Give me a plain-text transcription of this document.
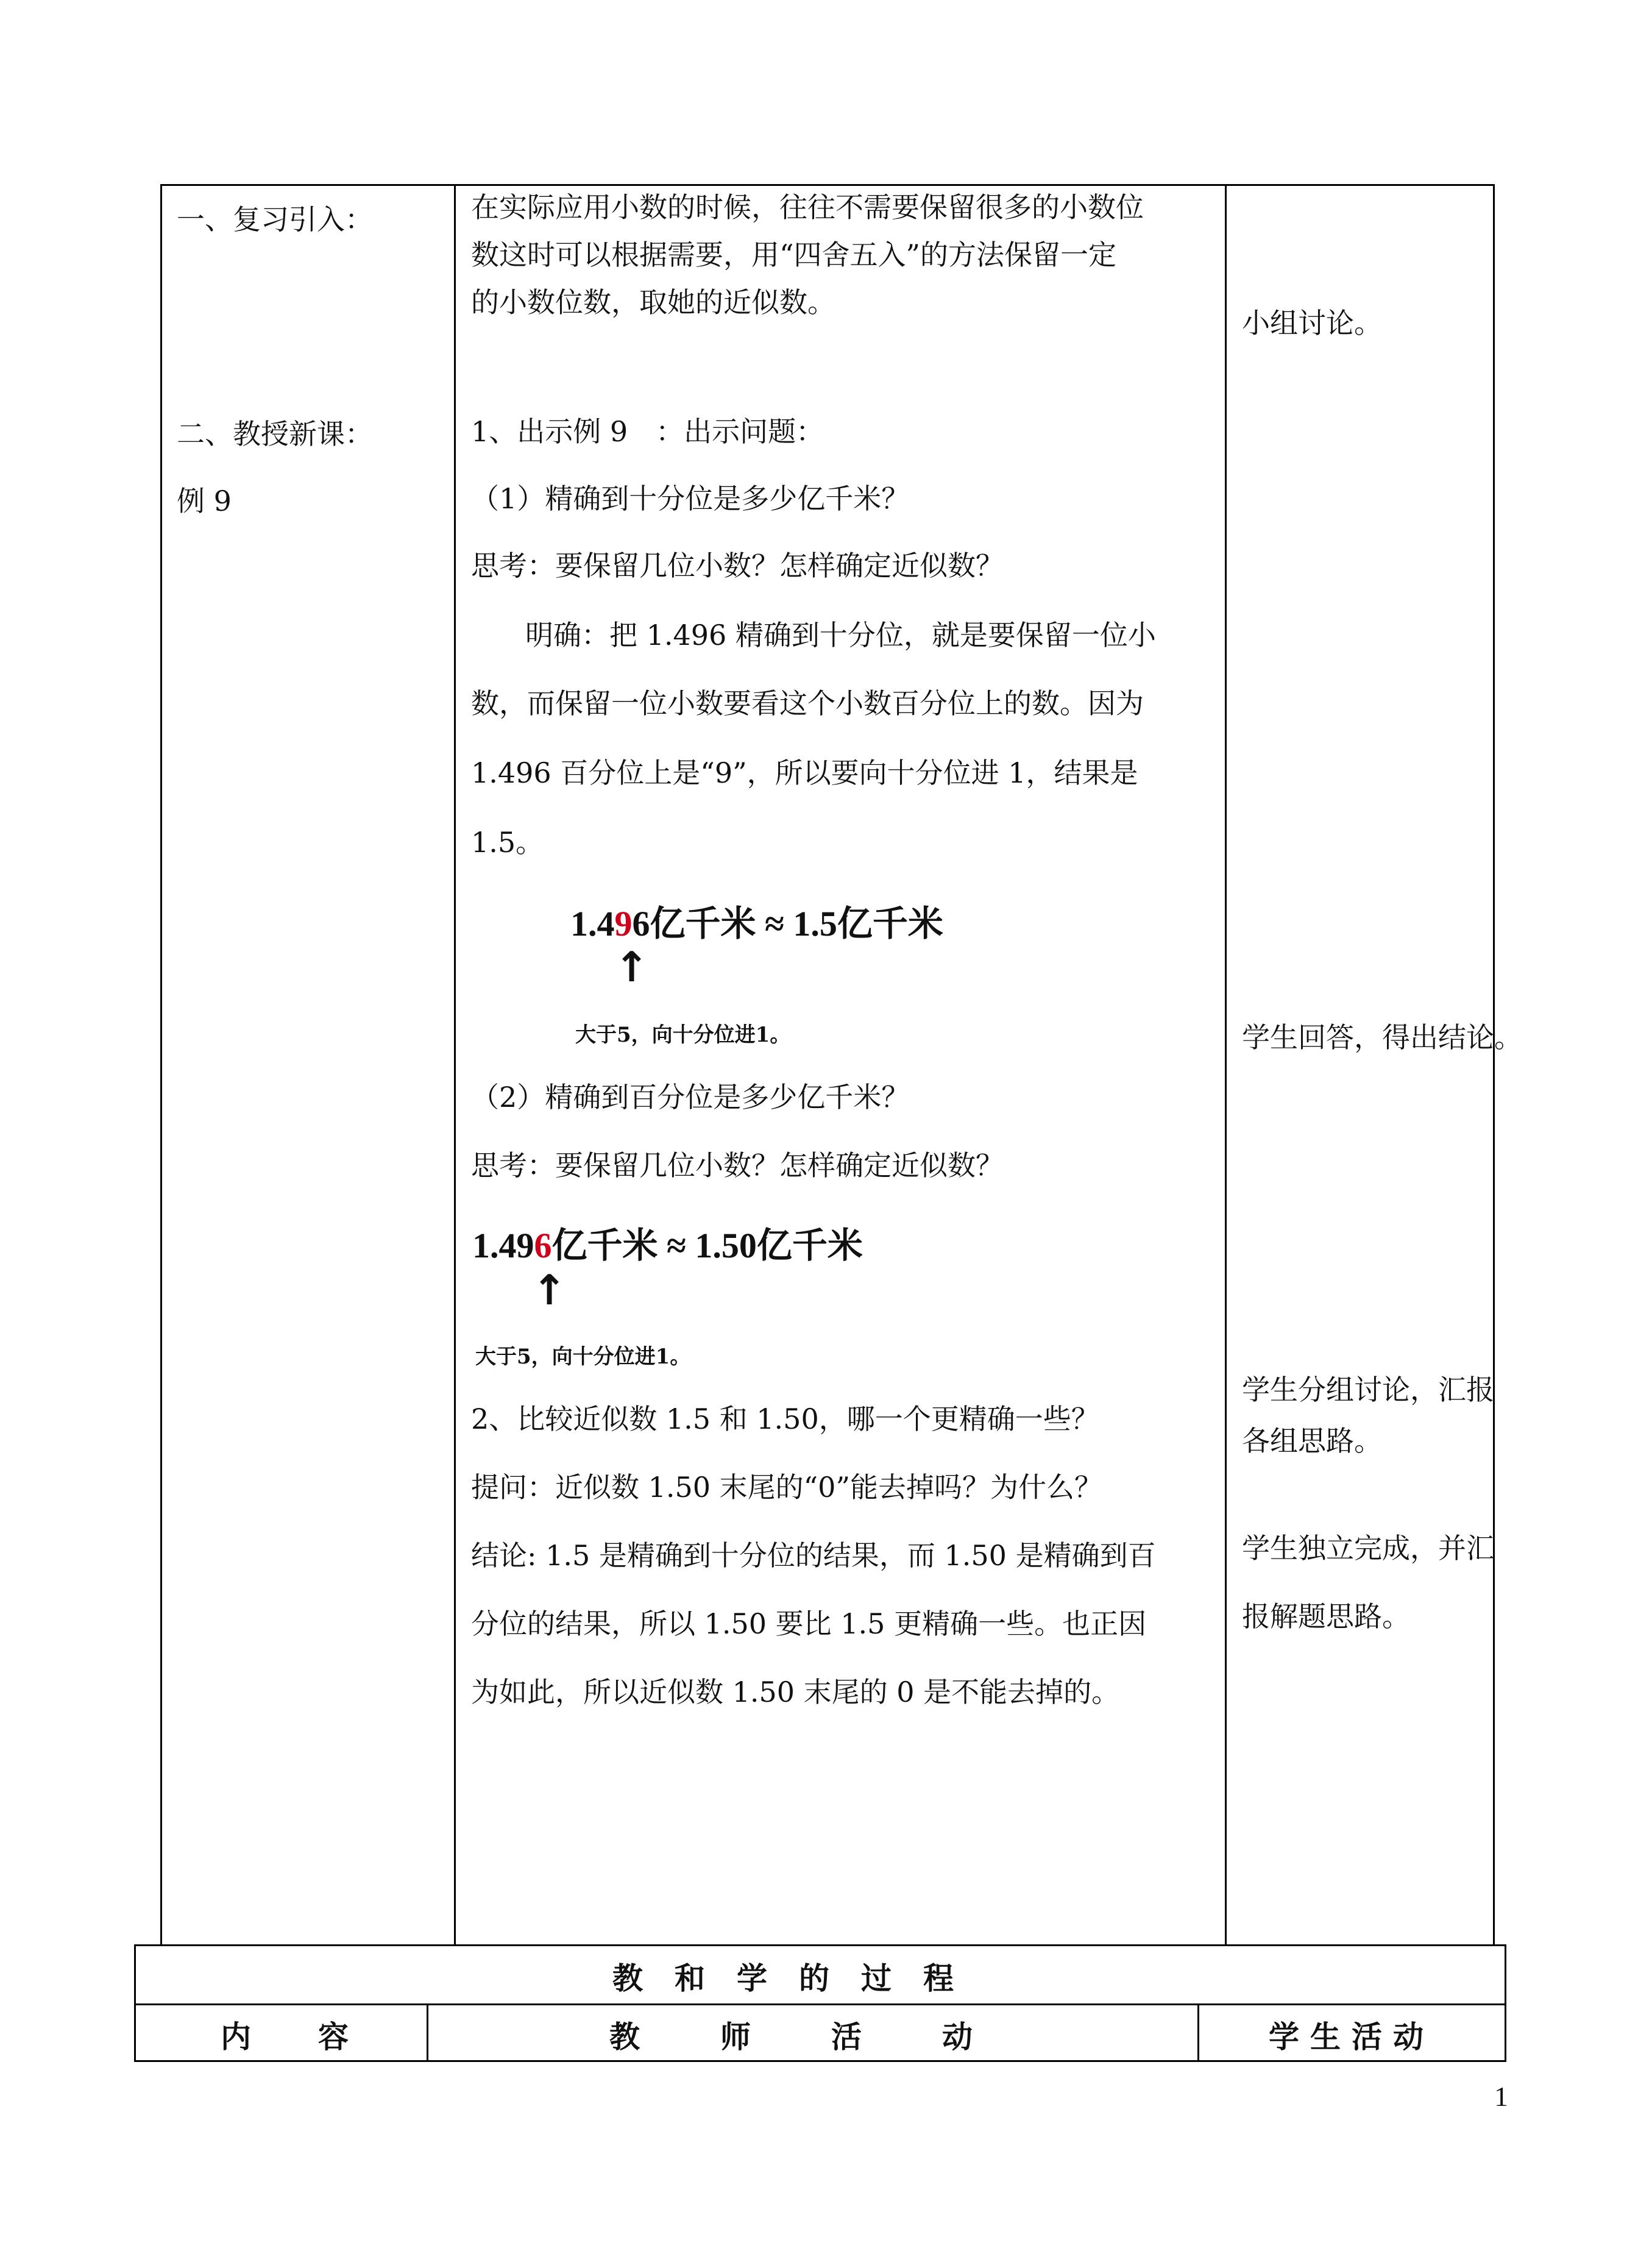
一、复习引入：
二、教授新课：
例 9
在实际应用小数的时候，往往不需要保留很多的小数位
数这时可以根据需要，用“四舍五入”的方法保留一定
的小数位数，取她的近似数。
1、出示例 9　：出示问题：
（1）精确到十分位是多少亿千米？
思考：要保留几位小数？怎样确定近似数？
明确：把 1.496 精确到十分位，就是要保留一位小
数，而保留一位小数要看这个小数百分位上的数。因为
1.496 百分位上是“9”，所以要向十分位进 1，结果是
1.5。
1.496亿千米 ≈ 1.5亿千米
↑
大于5，向十分位进1。
（2）精确到百分位是多少亿千米？
思考：要保留几位小数？怎样确定近似数？
1.496亿千米 ≈ 1.50亿千米
↑
大于5，向十分位进1。
2、比较近似数 1.5 和 1.50，哪一个更精确一些？
提问：近似数 1.50 末尾的“0”能去掉吗？为什么？
结论: 1.5 是精确到十分位的结果，而 1.50 是精确到百
分位的结果，所以 1.50 要比 1.5 更精确一些。也正因
为如此，所以近似数 1.50 末尾的 0 是不能去掉的。
小组讨论。
学生回答，得出结论。
学生分组讨论，汇报
各组思路。
学生独立完成，并汇
报解题思路。
教和学的过程
内容	教师活动	学生活动
1
